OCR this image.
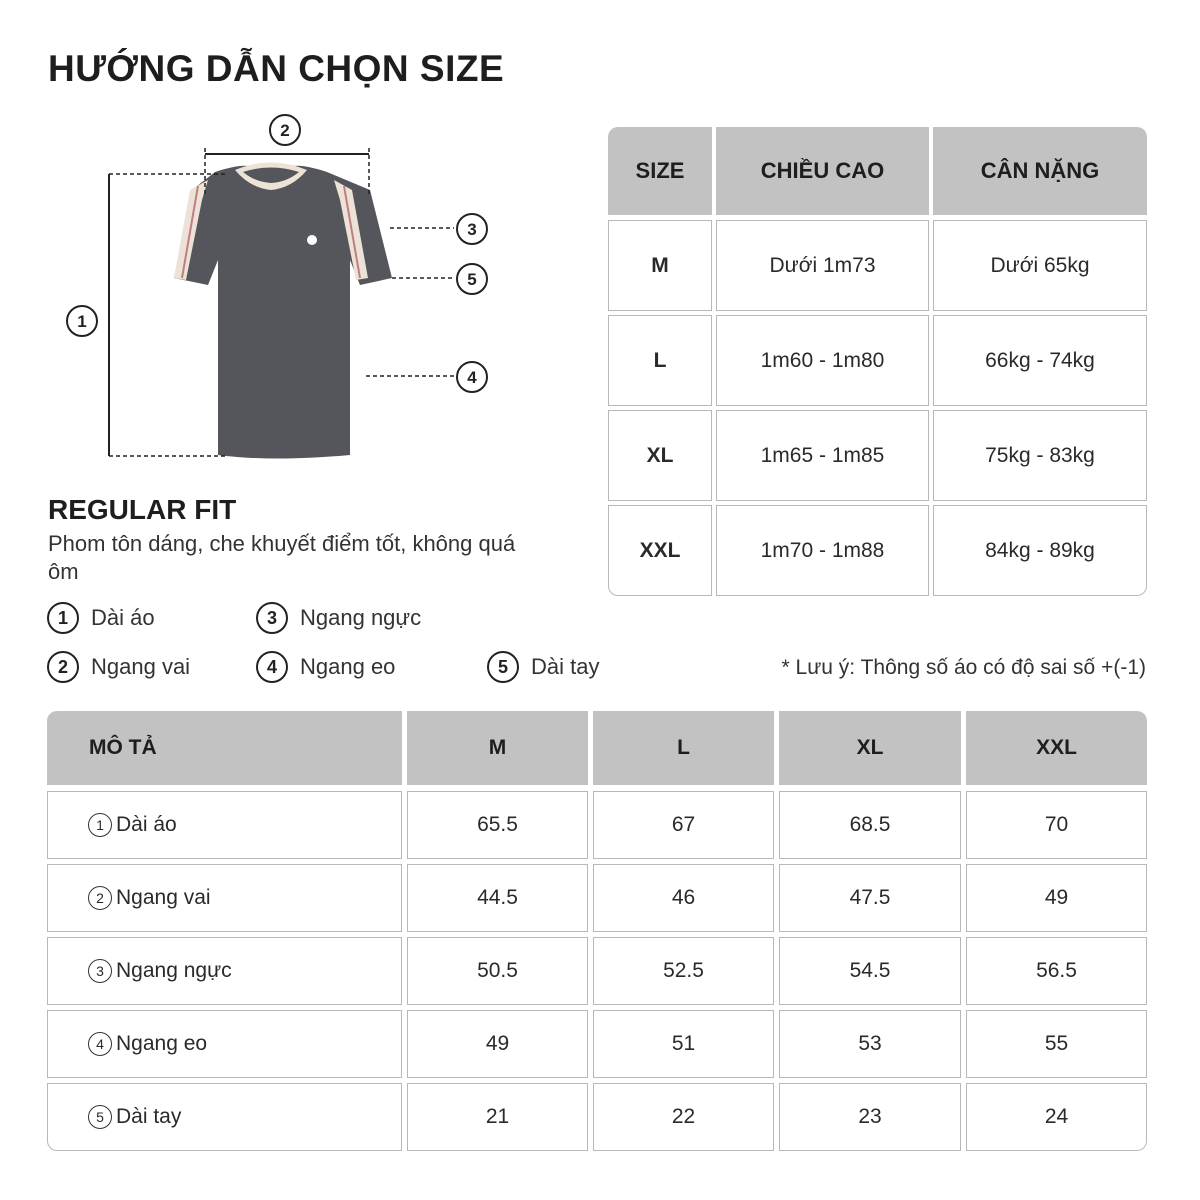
HƯỚNG DẪN CHỌN SIZE
2
1
3
5
4
REGULAR FIT
Phom tôn dáng, che khuyết điểm tốt, không quá ôm
1	Dài áo	3	Ngang ngực
2	Ngang vai	4	Ngang eo	5	Dài tay	* Lưu ý: Thông số áo có độ sai số +(-1)
SIZE	CHIỀU CAO	CÂN NẶNG
M	Dưới 1m73	Dưới 65kg
L	1m60 - 1m80	66kg - 74kg
XL	1m65 - 1m85	75kg - 83kg
XXL	1m70 - 1m88	84kg - 89kg
MÔ TẢ	M	L	XL	XXL
1 Dài áo	65.5	67	68.5	70
2 Ngang vai	44.5	46	47.5	49
3 Ngang ngực	50.5	52.5	54.5	56.5
4 Ngang eo	49	51	53	55
5 Dài tay	21	22	23	24
